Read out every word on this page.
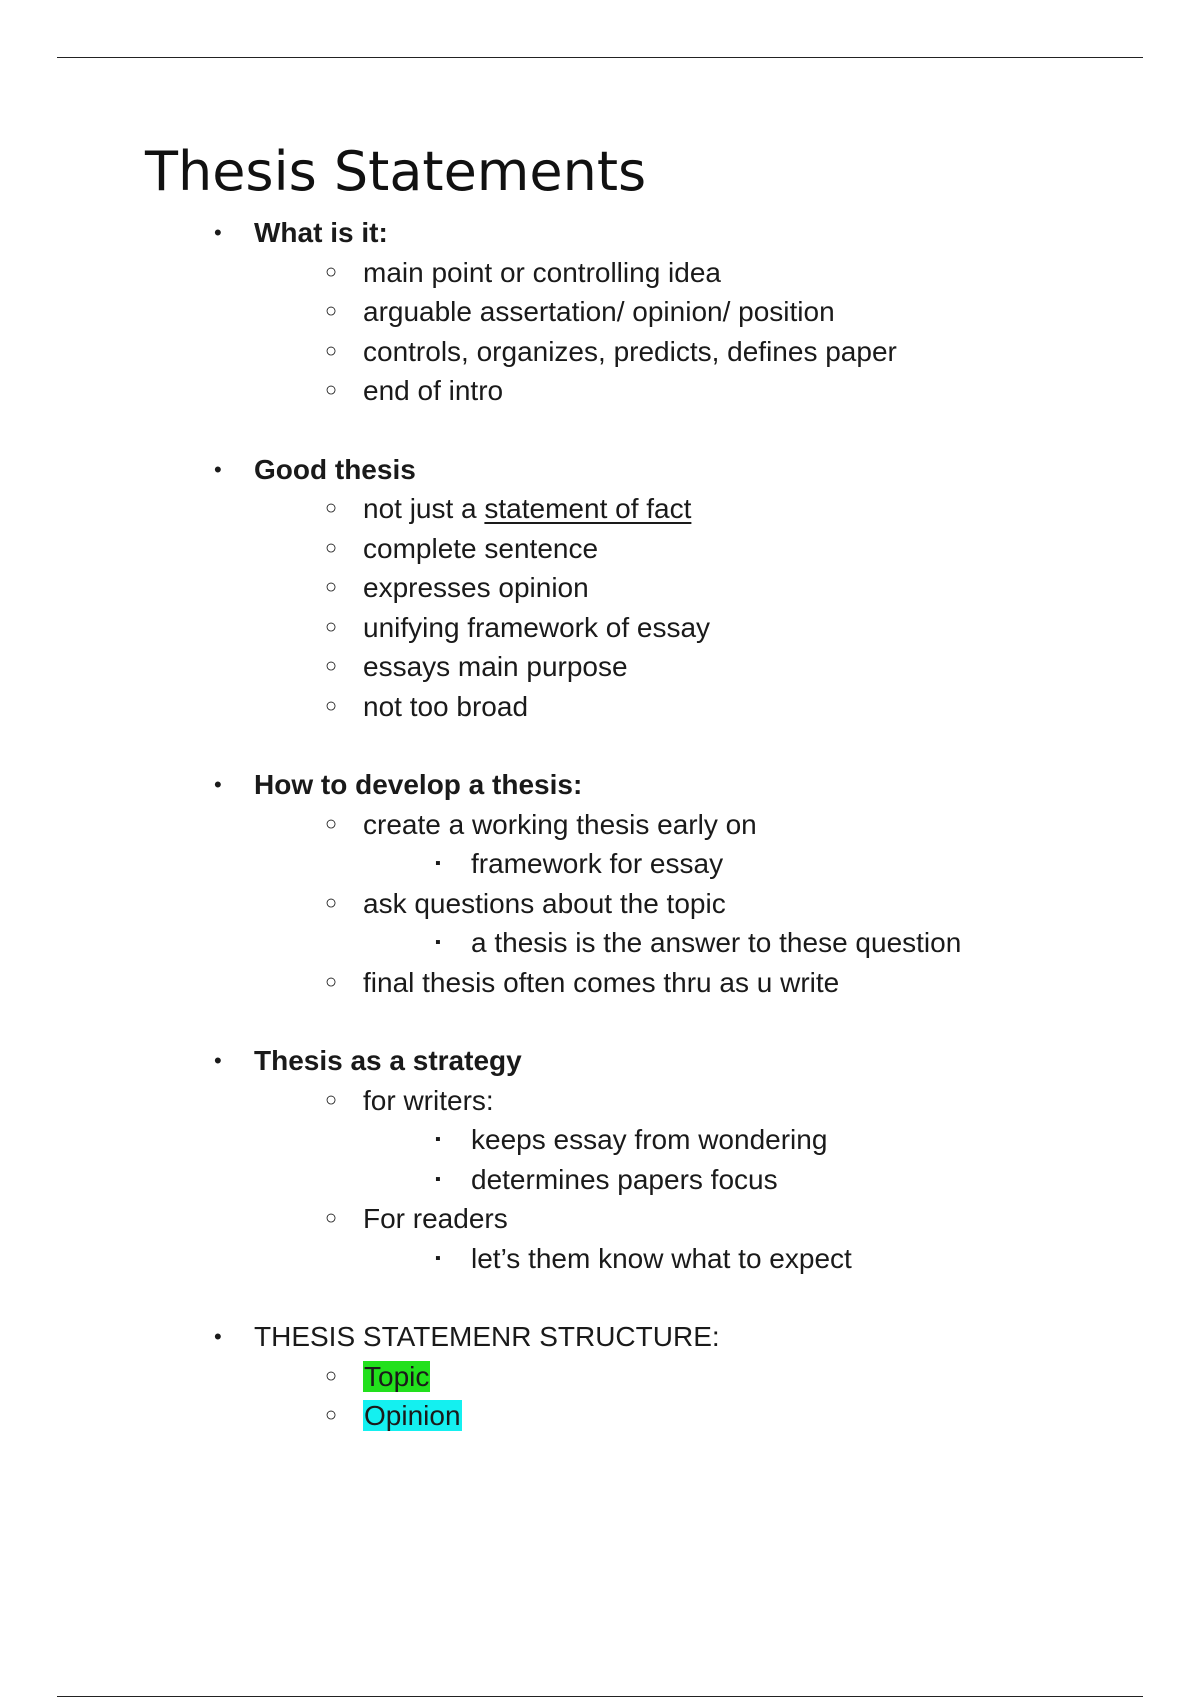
Thesis Statements
• What is it:
○ main point or controlling idea
○ arguable assertation/ opinion/ position
○ controls, organizes, predicts, defines paper
○ end of intro
• Good thesis
○ not just a statement of fact
○ complete sentence
○ expresses opinion
○ unifying framework of essay
○ essays main purpose
○ not too broad
• How to develop a thesis:
○ create a working thesis early on
▪ framework for essay
○ ask questions about the topic
▪ a thesis is the answer to these question
○ final thesis often comes thru as u write
• Thesis as a strategy
○ for writers:
▪ keeps essay from wondering
▪ determines papers focus
○ For readers
▪ let’s them know what to expect
• THESIS STATEMENR STRUCTURE:
○ Topic
○ Opinion
